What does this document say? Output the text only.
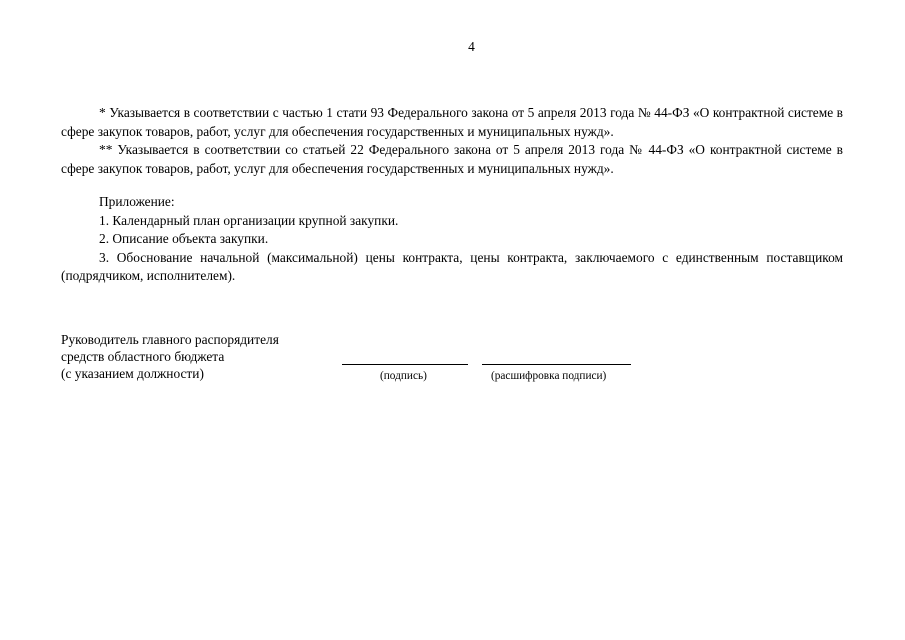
4

* Указывается в соответствии с частью 1 стати 93 Федерального закона от 5 апреля 2013 года № 44-ФЗ «О контрактной системе в сфере закупок товаров, работ, услуг для обеспечения государственных и муниципальных нужд».

** Указывается в соответствии со статьей 22 Федерального закона от 5 апреля 2013 года № 44-ФЗ «О контрактной системе в сфере закупок товаров, работ, услуг для обеспечения государственных и муниципальных нужд».

Приложение:

1. Календарный план организации крупной закупки.

2. Описание объекта закупки.

3. Обоснование начальной (максимальной) цены контракта, цены контракта, заключаемого с единственным поставщиком (подрядчиком, исполнителем).

Руководитель главного распорядителя
средств областного бюджета
(с указанием должности)	(подпись)	(расшифровка подписи)
